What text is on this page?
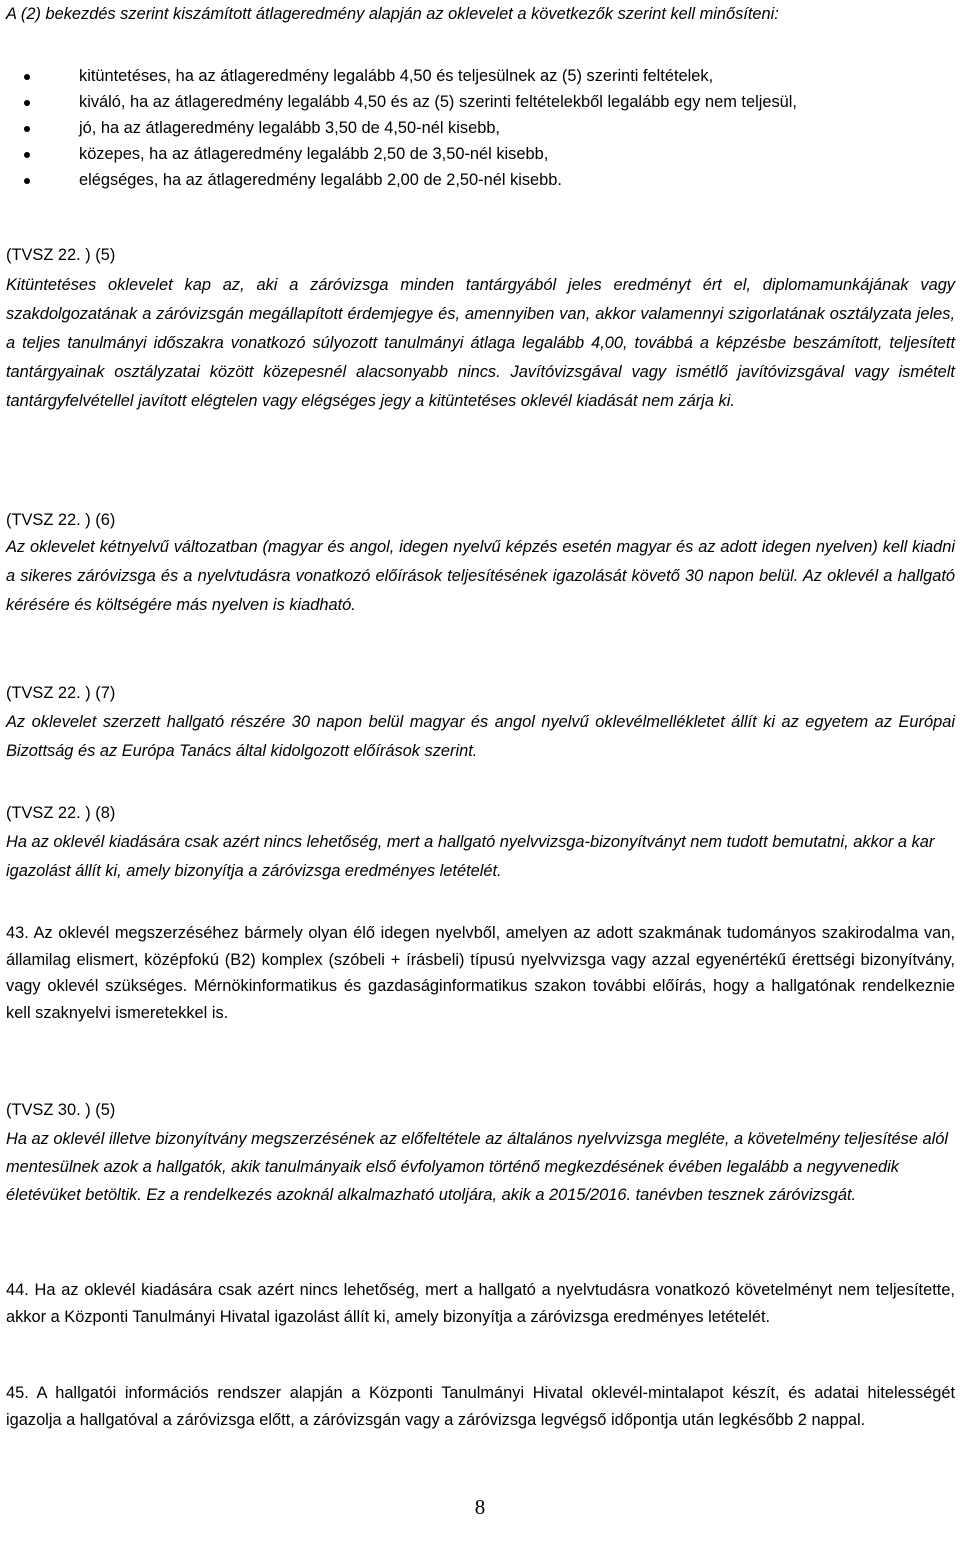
A (2) bekezdés szerint kiszámított átlageredmény alapján az oklevelet a következők szerint kell minősíteni:

kitüntetéses, ha az átlageredmény legalább 4,50 és teljesülnek az (5) szerinti feltételek,
kiváló, ha az átlageredmény legalább 4,50 és az (5) szerinti feltételekből legalább egy nem teljesül,
jó, ha az átlageredmény legalább 3,50 de 4,50-nél kisebb,
közepes, ha az átlageredmény legalább 2,50 de 3,50-nél kisebb,
elégséges, ha az átlageredmény legalább 2,00 de 2,50-nél kisebb.

(TVSZ 22. ) (5)

Kitüntetéses oklevelet kap az, aki a záróvizsga minden tantárgyából jeles eredményt ért el, diplomamunkájának vagy szakdolgozatának a záróvizsgán megállapított érdemjegye és, amennyiben van, akkor valamennyi szigorlatának osztályzata jeles, a teljes tanulmányi időszakra vonatkozó súlyozott tanulmányi átlaga legalább 4,00, továbbá a képzésbe beszámított, teljesített tantárgyainak osztályzatai között közepesnél alacsonyabb nincs. Javítóvizsgával vagy ismétlő javítóvizsgával vagy ismételt tantárgyfelvétellel javított elégtelen vagy elégséges jegy a kitüntetéses oklevél kiadását nem zárja ki.

(TVSZ 22. ) (6)

Az oklevelet kétnyelvű változatban (magyar és angol, idegen nyelvű képzés esetén magyar és az adott idegen nyelven) kell kiadni a sikeres záróvizsga és a nyelvtudásra vonatkozó előírások teljesítésének igazolását követő 30 napon belül. Az oklevél a hallgató kérésére és költségére más nyelven is kiadható.

(TVSZ 22. ) (7)

Az oklevelet szerzett hallgató részére 30 napon belül magyar és angol nyelvű oklevélmellékletet állít ki az egyetem az Európai Bizottság és az Európa Tanács által kidolgozott előírások szerint.

(TVSZ 22. ) (8)

Ha az oklevél kiadására csak azért nincs lehetőség, mert a hallgató nyelvvizsga-bizonyítványt nem tudott bemutatni, akkor a kar igazolást állít ki, amely bizonyítja a záróvizsga eredményes letételét.

43. Az oklevél megszerzéséhez bármely olyan élő idegen nyelvből, amelyen az adott szakmának tudományos szakirodalma van, államilag elismert, középfokú (B2) komplex (szóbeli + írásbeli) típusú nyelvvizsga vagy azzal egyenértékű érettségi bizonyítvány, vagy oklevél szükséges. Mérnökinformatikus és gazdaságinformatikus szakon további előírás, hogy a hallgatónak rendelkeznie kell szaknyelvi ismeretekkel is.

(TVSZ 30. ) (5)

Ha az oklevél illetve bizonyítvány megszerzésének az előfeltétele az általános nyelvvizsga megléte, a követelmény teljesítése alól mentesülnek azok a hallgatók, akik tanulmányaik első évfolyamon történő megkezdésének évében legalább a negyvenedik életévüket betöltik. Ez a rendelkezés azoknál alkalmazható utoljára, akik a 2015/2016. tanévben tesznek záróvizsgát.

44. Ha az oklevél kiadására csak azért nincs lehetőség, mert a hallgató a nyelvtudásra vonatkozó követelményt nem teljesítette, akkor a Központi Tanulmányi Hivatal igazolást állít ki, amely bizonyítja a záróvizsga eredményes letételét.

45. A hallgatói információs rendszer alapján a Központi Tanulmányi Hivatal oklevél-mintalapot készít, és adatai hitelességét igazolja a hallgatóval a záróvizsga előtt, a záróvizsgán vagy a záróvizsga legvégső időpontja után legkésőbb 2 nappal.

8
